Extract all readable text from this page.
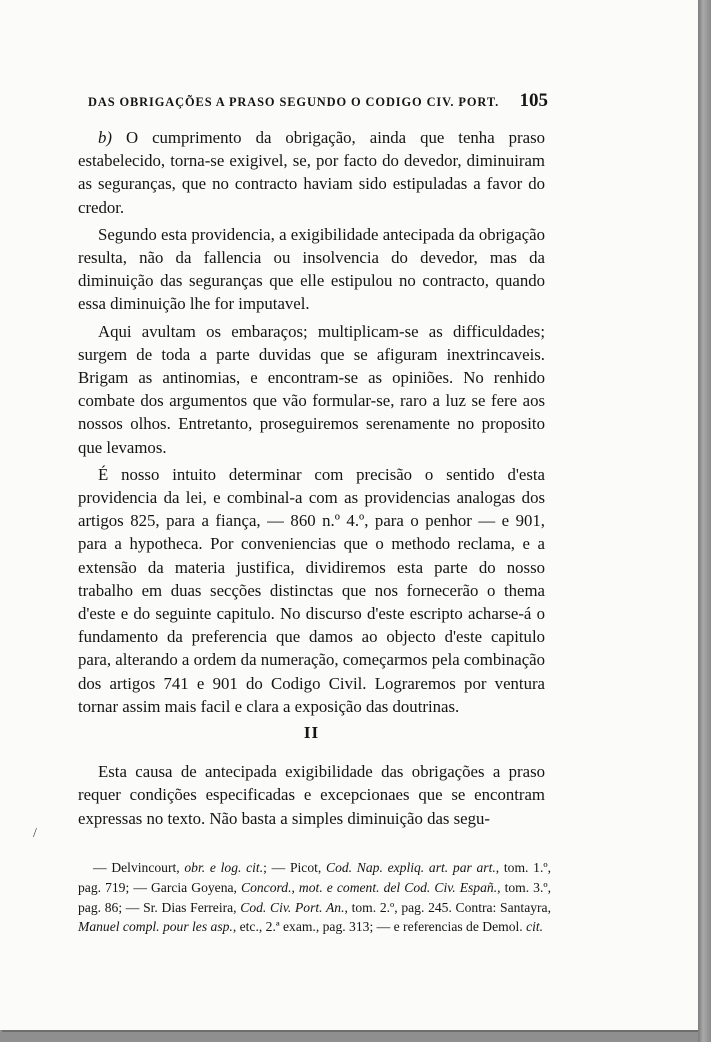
DAS OBRIGAÇÕES A PRASO SEGUNDO O CODIGO CIV. PORT. 105

b) O cumprimento da obrigação, ainda que tenha praso estabelecido, torna-se exigivel, se, por facto do devedor, diminuiram as seguranças, que no contracto haviam sido estipuladas a favor do credor.

Segundo esta providencia, a exigibilidade antecipada da obrigação resulta, não da fallencia ou insolvencia do devedor, mas da diminuição das seguranças que elle estipulou no contracto, quando essa diminuição lhe for imputavel.

Aqui avultam os embaraços; multiplicam-se as difficuldades; surgem de toda a parte duvidas que se afiguram inextrincaveis. Brigam as antinomias, e encontram-se as opiniões. No renhido combate dos argumentos que vão formular-se, raro a luz se fere aos nossos olhos. Entretanto, proseguiremos serenamente no proposito que levamos.

É nosso intuito determinar com precisão o sentido d'esta providencia da lei, e combinal-a com as providencias analogas dos artigos 825, para a fiança, — 860 n.º 4.º, para o penhor — e 901, para a hypotheca. Por conveniencias que o methodo reclama, e a extensão da materia justifica, dividiremos esta parte do nosso trabalho em duas secções distinctas que nos fornecerão o thema d'este e do seguinte capitulo. No discurso d'este escripto acharse-á o fundamento da preferencia que damos ao objecto d'este capitulo para, alterando a ordem da numeração, começarmos pela combinação dos artigos 741 e 901 do Codigo Civil. Lograremos por ventura tornar assim mais facil e clara a exposição das doutrinas.

II

Esta causa de antecipada exigibilidade das obrigações a praso requer condições especificadas e excepcionaes que se encontram expressas no texto. Não basta a simples diminuição das segu-

— Delvincourt, obr. e log. cit.; — Picot, Cod. Nap. expliq. art. par art., tom. 1.º, pag. 719; — Garcia Goyena, Concord., mot. e coment. del Cod. Civ. Españ., tom. 3.º, pag. 86; — Sr. Dias Ferreira, Cod. Civ. Port. An., tom. 2.º, pag. 245. Contra: Santayra, Manuel compl. pour les asp., etc., 2.ª exam., pag. 313; — e referencias de Demol. cit.
/
